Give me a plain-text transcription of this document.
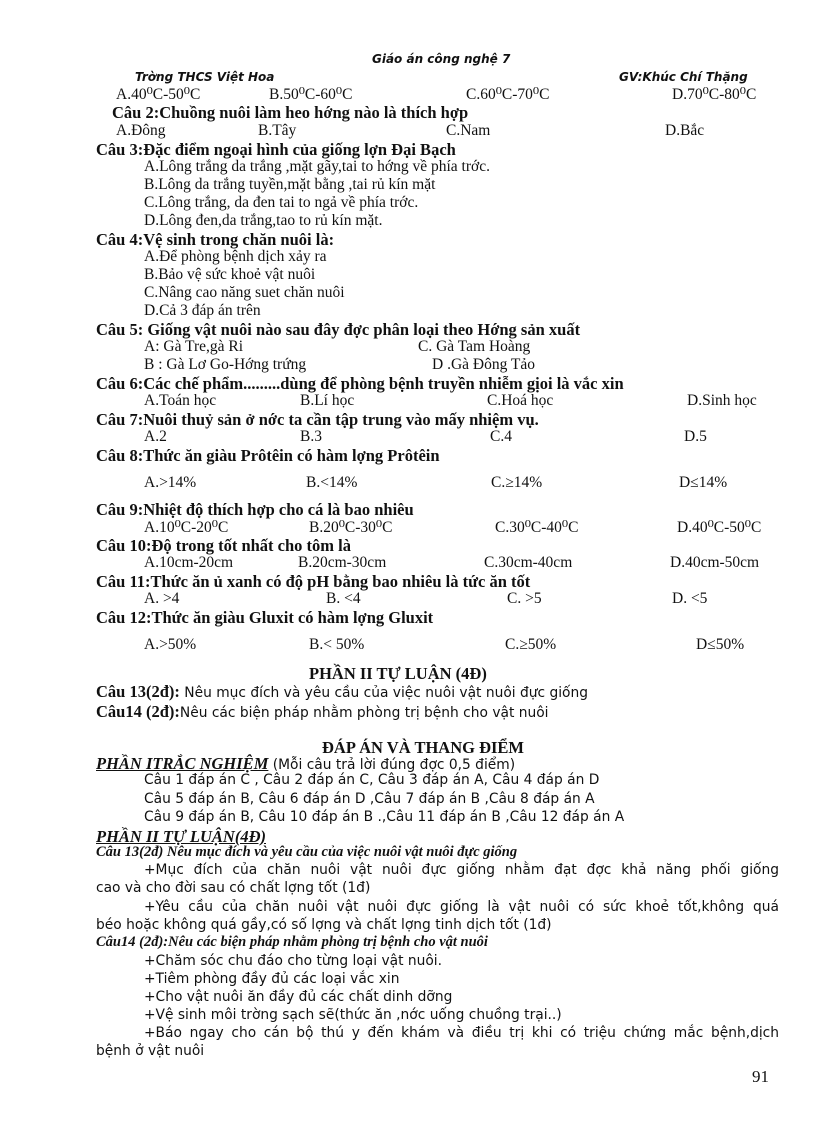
Giáo án công nghệ 7
Trờng THCS Việt Hoa	GV:Khúc Chí Thặng
A.40⁰C-50⁰C	B.50⁰C-60⁰C	C.60⁰C-70⁰C	D.70⁰C-80⁰C
Câu 2:Chuồng nuôi làm heo hớng nào là thích hợp
A.Đông	B.Tây	C.Nam	D.Bắc
Câu 3:Đặc điểm ngoại hình của giống lợn Đại Bạch
A.Lông trắng da trắng ,mặt gãy,tai to hớng về phía trớc.
B.Lông da trắng tuyền,mặt bằng ,tai rủ kín mặt
C.Lông trắng, da đen tai to ngả về phía trớc.
D.Lông đen,da trắng,tao to rủ kín mặt.
Câu 4:Vệ sinh trong chăn nuôi là:
A.Để phòng bệnh dịch xảy ra
B.Bảo vệ sức khoẻ vật nuôi
C.Nâng cao năng suet chăn nuôi
D.Cả 3 đáp án trên
Câu 5: Giống vật nuôi nào sau đây đợc phân loại theo Hớng sản xuất
A: Gà Tre,gà Ri	C. Gà Tam Hoàng
B : Gà Lơ Go-Hớng trứng	D .Gà Đông Tảo
Câu 6:Các chế phẩm.........dùng để phòng bệnh truyền nhiễm gịoi là vắc xin
A.Toán học	B.Lí học	C.Hoá học	D.Sinh học
Câu 7:Nuôi thuỷ sản ở nớc ta cần tập trung vào mấy nhiệm vụ.
A.2	B.3	C.4	D.5
Câu 8:Thức ăn giàu Prôtêin có hàm lợng Prôtêin
A.>14%	B.<14%	C.≥14%	D≤14%
Câu 9:Nhiệt độ thích hợp cho cá là bao nhiêu
A.10⁰C-20⁰C	B.20⁰C-30⁰C	C.30⁰C-40⁰C	D.40⁰C-50⁰C
Câu 10:Độ trong tốt nhất cho tôm là
A.10cm-20cm	B.20cm-30cm	C.30cm-40cm	D.40cm-50cm
Câu 11:Thức ăn ủ xanh có độ pH bằng bao nhiêu là tức ăn tốt
A. >4	B. <4	C. >5	D. <5
Câu 12:Thức ăn giàu Gluxit có hàm lợng Gluxit
A.>50%	B.< 50%	C.≥50%	D≤50%
PHẦN II TỰ LUẬN (4Đ)
Câu 13(2đ): Nêu mục đích và yêu cầu của việc nuôi vật nuôi đực giống
Câu14 (2đ):Nêu các biện pháp nhằm phòng trị bệnh cho vật nuôi
ĐÁP ÁN VÀ THANG ĐIỂM
PHẦN ITRẮC NGHIỆM (Mỗi câu trả lời đúng đợc 0,5 điểm)
Câu 1 đáp án C , Câu 2 đáp án C, Câu 3 đáp án A, Câu 4 đáp án D
Câu 5 đáp án B, Câu 6 đáp án D ,Câu 7 đáp án B ,Câu 8 đáp án A
Câu 9 đáp án B, Câu 10 đáp án B .,Câu 11 đáp án B ,Câu 12 đáp án A
PHẦN II TỰ LUẬN(4Đ)
Câu 13(2đ) Nêu mục đích và yêu cầu của việc nuôi vật nuôi đực giống
+Mục đích của chăn nuôi vật nuôi đực giống nhằm đạt đợc khả năng phối giống
cao và cho đời sau có chất lợng tốt (1đ)
+Yêu cầu của chăn nuôi vật nuôi đực giống là vật nuôi có sức khoẻ tốt,không quá
béo hoặc không quá gầy,có số lợng và chất lợng tinh dịch tốt (1đ)
Câu14 (2đ):Nêu các biện pháp nhằm phòng trị bệnh cho vật nuôi
+Chăm sóc chu đáo cho từng loại vật nuôi.
+Tiêm phòng đầy đủ các loại vắc xin
+Cho vật nuôi ăn đầy đủ các chất dinh dỡng
+Vệ sinh môi trờng sạch sẽ(thức ăn ,nớc uống chuồng trại..)
+Báo ngay cho cán bộ thú y đến khám và điều trị khi có triệu chứng mắc bệnh,dịch
bệnh ở vật nuôi
91
